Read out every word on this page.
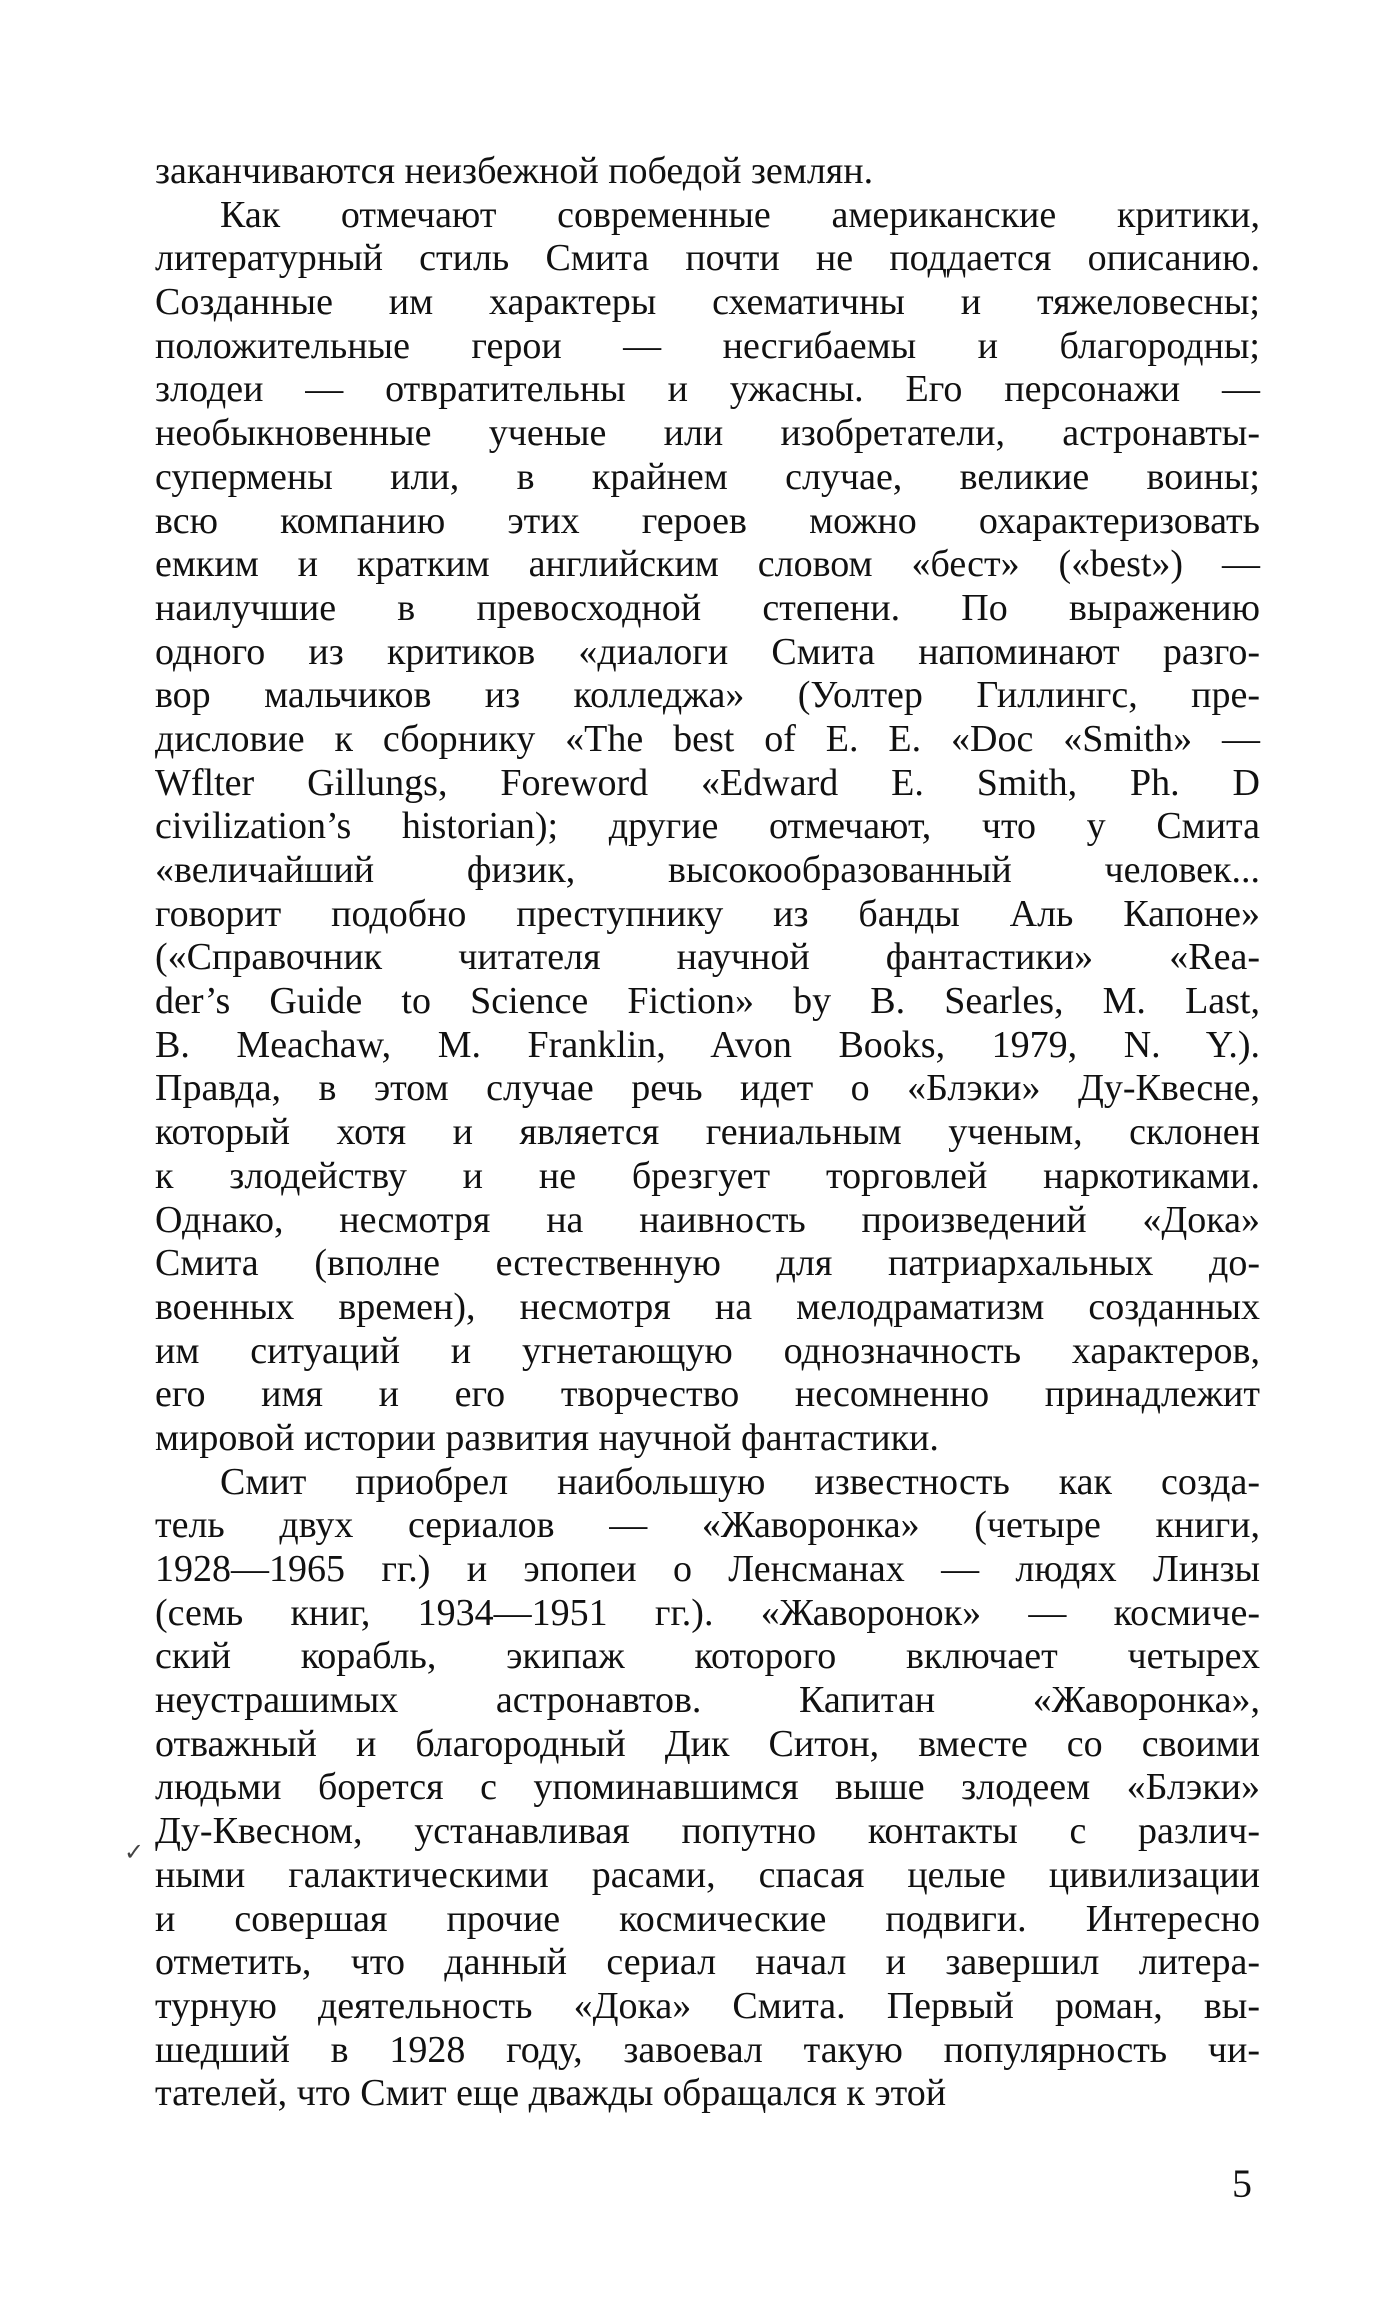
заканчиваются неизбежной победой землян.
Как отмечают современные американские критики,
литературный стиль Смита почти не поддается описанию.
Созданные им характеры схематичны и тяжеловесны;
положительные герои — несгибаемы и благородны;
злодеи — отвратительны и ужасны. Его персонажи —
необыкновенные ученые или изобретатели, астронавты-
супермены или, в крайнем случае, великие воины;
всю компанию этих героев можно охарактеризовать
емким и кратким английским словом «бест» («best») —
наилучшие в превосходной степени. По выражению
одного из критиков «диалоги Смита напоминают разго-
вор мальчиков из колледжа» (Уолтер Гиллингс, пре-
дисловие к сборнику «The best of E. E. «Doc «Smith» —
Wflter Gillungs, Foreword «Edward E. Smith, Ph. D
civilization’s historian); другие отмечают, что у Смита
«величайший физик, высокообразованный человек...
говорит подобно преступнику из банды Аль Капоне»
(«Справочник читателя научной фантастики» «Rea-
der’s Guide to Science Fiction» by B. Searles, M. Last,
B. Meachaw, M. Franklin, Avon Books, 1979, N. Y.).
Правда, в этом случае речь идет о «Блэки» Ду-Квесне,
который хотя и является гениальным ученым, склонен
к злодейству и не брезгует торговлей наркотиками.
Однако, несмотря на наивность произведений «Дока»
Смита (вполне естественную для патриархальных до-
военных времен), несмотря на мелодраматизм созданных
им ситуаций и угнетающую однозначность характеров,
его имя и его творчество несомненно принадлежит
мировой истории развития научной фантастики.
Смит приобрел наибольшую известность как созда-
тель двух сериалов — «Жаворонка» (четыре книги,
1928—1965 гг.) и эпопеи о Ленсманах — людях Линзы
(семь книг, 1934—1951 гг.). «Жаворонок» — космиче-
ский корабль, экипаж которого включает четырех
неустрашимых астронавтов. Капитан «Жаворонка»,
отважный и благородный Дик Ситон, вместе со своими
людьми борется с упоминавшимся выше злодеем «Блэки»
Ду-Квесном, устанавливая попутно контакты с различ-
ными галактическими расами, спасая целые цивилизации
и совершая прочие космические подвиги. Интересно
отметить, что данный сериал начал и завершил литера-
турную деятельность «Дока» Смита. Первый роман, вы-
шедший в 1928 году, завоевал такую популярность чи-
тателей, что Смит еще дважды обращался к этой
✓
5
